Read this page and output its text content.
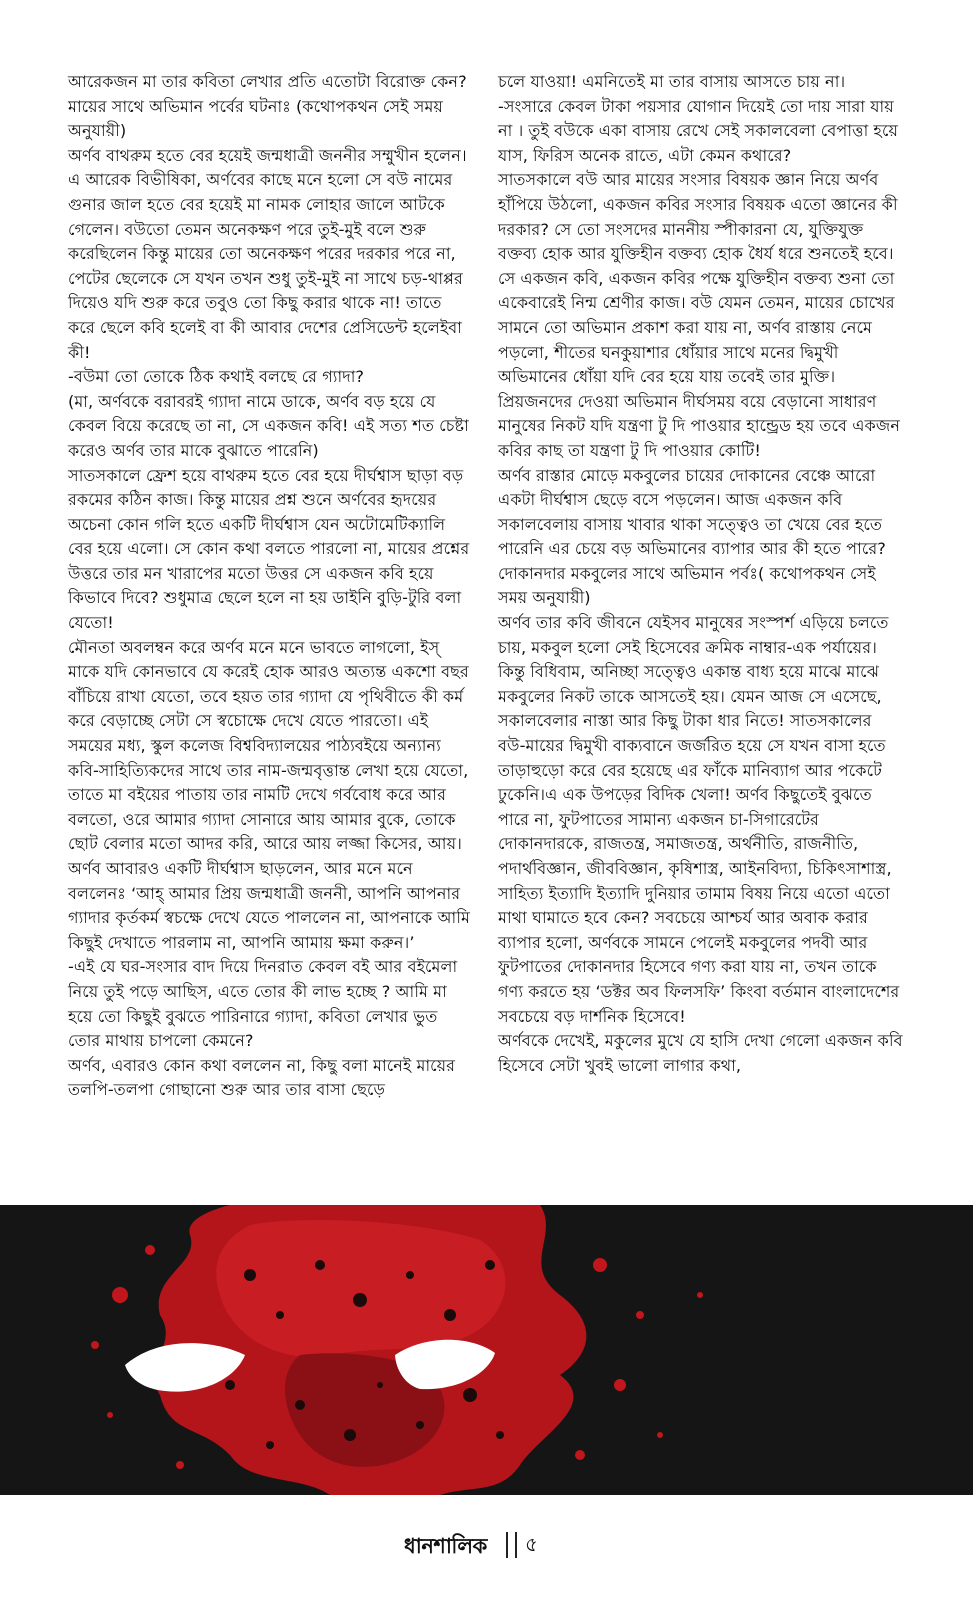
আরেকজন মা তার কবিতা লেখার প্রতি এতোটা বিরোক্ত কেন?

মায়ের সাথে অভিমান পর্বের ঘটনাঃ (কথোপকথন সেই সময় অনুযায়ী)

অর্ণব বাথরুম হতে বের হয়েই জন্মধাত্রী জননীর সম্মুখীন হলেন। এ আরেক বিভীষিকা, অর্ণবের কাছে মনে হলো সে বউ নামের গুনার জাল হতে বের হয়েই মা নামক লোহার জালে আটকে গেলেন। বউতো তেমন অনেকক্ষণ পরে তুই-মুই বলে শুরু করেছিলেন কিন্তু মায়ের তো অনেকক্ষণ পরের দরকার পরে না, পেটের ছেলেকে সে যখন তখন শুধু তুই-মুই না সাথে চড়-থাপ্পর দিয়েও যদি শুরু করে তবুও তো কিছু করার থাকে না! তাতে করে ছেলে কবি হলেই বা কী আবার দেশের প্রেসিডেন্ট হলেইবা কী!

-বউমা তো তোকে ঠিক কথাই বলছে রে গ্যাদা?

(মা, অর্ণবকে বরাবরই গ্যাদা নামে ডাকে, অর্ণব বড় হয়ে যে কেবল বিয়ে করেছে তা না, সে একজন কবি! এই সত্য শত চেষ্টা করেও অর্ণব তার মাকে বুঝাতে পারেনি)

সাতসকালে ফ্রেশ হয়ে বাথরুম হতে বের হয়ে দীর্ঘশ্বাস ছাড়া বড় রকমের কঠিন কাজ। কিন্তু মায়ের প্রশ্ন শুনে অর্ণবের হৃদয়ের অচেনা কোন গলি হতে একটি দীর্ঘশ্বাস যেন অটোমেটিক্যালি বের হয়ে এলো। সে কোন কথা বলতে পারলো না, মায়ের প্রশ্নের উত্তরে তার মন খারাপের মতো উত্তর সে একজন কবি হয়ে কিভাবে দিবে? শুধুমাত্র ছেলে হলে না হয় ডাইনি বুড়ি-টুরি বলা যেতো!

মৌনতা অবলম্বন করে অর্ণব মনে মনে ভাবতে লাগলো, ইস্ মাকে যদি কোনভাবে যে করেই হোক আরও অত্যন্ত একশো বছর বাঁচিয়ে রাখা যেতো, তবে হয়ত তার গ্যাদা যে পৃথিবীতে কী কর্ম করে বেড়াচ্ছে সেটা সে স্বচোক্ষে দেখে যেতে পারতো। এই সময়ের মধ্য, স্কুল কলেজ বিশ্ববিদ্যালয়ের পাঠ্যবইয়ে অন্যান্য কবি-সাহিত্যিকদের সাথে তার নাম-জন্মবৃত্তান্ত লেখা হয়ে যেতো, তাতে মা বইয়ের পাতায় তার নামটি দেখে গর্ববোধ করে আর বলতো, ওরে আমার গ্যাদা সোনারে আয় আমার বুকে, তোকে ছোট বেলার মতো আদর করি, আরে আয় লজ্জা কিসের, আয়। অর্ণব আবারও একটি দীর্ঘশ্বাস ছাড়লেন, আর মনে মনে বললেনঃ ‘আহ্ আমার প্রিয় জন্মধাত্রী জননী, আপনি আপনার গ্যাদার কৃর্তকর্ম স্বচক্ষে দেখে যেতে পাললেন না, আপনাকে আমি কিছুই দেখাতে পারলাম না, আপনি আমায় ক্ষমা করুন।’

-এই যে ঘর-সংসার বাদ দিয়ে দিনরাত কেবল বই আর বইমেলা নিয়ে তুই পড়ে আছিস, এতে তোর কী লাভ হচ্ছে ? আমি মা হয়ে তো কিছুই বুঝতে পারিনারে গ্যাদা, কবিতা লেখার ভুত তোর মাথায় চাপলো কেমনে?

অর্ণব, এবারও কোন কথা বললেন না, কিছু বলা মানেই মায়ের তলপি-তলপা গোছানো শুরু আর তার বাসা ছেড়ে

চলে যাওয়া! এমনিতেই মা তার বাসায় আসতে চায় না।

-সংসারে কেবল টাকা পয়সার যোগান দিয়েই তো দায় সারা যায় না । তুই বউকে একা বাসায় রেখে সেই সকালবেলা বেপাত্তা হয়ে যাস, ফিরিস অনেক রাতে, এটা কেমন কথারে?

সাতসকালে বউ আর মায়ের সংসার বিষয়ক জ্ঞান নিয়ে অর্ণব হাঁপিয়ে উঠলো, একজন কবির সংসার বিষয়ক এতো জ্ঞানের কী দরকার? সে তো সংসদের মাননীয় স্পীকারনা যে, যুক্তিযুক্ত বক্তব্য হোক আর যুক্তিহীন বক্তব্য হোক ধৈর্য ধরে শুনতেই হবে। সে একজন কবি, একজন কবির পক্ষে যুক্তিহীন বক্তব্য শুনা তো একেবারেই নিন্ম শ্রেণীর কাজ। বউ যেমন তেমন, মায়ের চোখের সামনে তো অভিমান প্রকাশ করা যায় না, অর্ণব রাস্তায় নেমে পড়লো, শীতের ঘনকুয়াশার ধোঁয়ার সাথে মনের দ্বিমুখী অভিমানের ধোঁয়া যদি বের হয়ে যায় তবেই তার মুক্তি। প্রিয়জনদের দেওয়া অভিমান দীর্ঘসময় বয়ে বেড়ানো সাধারণ মানুষের নিকট যদি যন্ত্রণা টু দি পাওয়ার হান্ড্রেড হয় তবে একজন কবির কাছ তা যন্ত্রণা টু দি পাওয়ার কোটি!

অর্ণব রাস্তার মোড়ে মকবুলের চায়ের দোকানের বেঞ্চে আরো একটা দীর্ঘশ্বাস ছেড়ে বসে পড়লেন। আজ একজন কবি সকালবেলায় বাসায় খাবার থাকা সত্ত্বেও তা খেয়ে বের হতে পারেনি এর চেয়ে বড় অভিমানের ব্যাপার আর কী হতে পারে?

দোকানদার মকবুলের সাথে অভিমান পর্বঃ( কথোপকথন সেই সময় অনুযায়ী)

অর্ণব তার কবি জীবনে যেইসব মানুষের সংস্পর্শ এড়িয়ে চলতে চায়, মকবুল হলো সেই হিসেবের ক্রমিক নাম্বার-এক পর্যায়ের। কিন্তু বিধিবাম, অনিচ্ছা সত্ত্বেও একান্ত বাধ্য হয়ে মাঝে মাঝে মকবুলের নিকট তাকে আসতেই হয়। যেমন আজ সে এসেছে, সকালবেলার নাস্তা আর কিছু টাকা ধার নিতে! সাতসকালের বউ-মায়ের দ্বিমুখী বাক্যবানে জর্জরিত হয়ে সে যখন বাসা হতে তাড়াহুড়ো করে বের হয়েছে এর ফাঁকে মানিব্যাগ আর পকেটে ঢুকেনি।এ এক উপড়ের বিদিক খেলা! অর্ণব কিছুতেই বুঝতে পারে না, ফুটপাতের সামান্য একজন চা-সিগারেটের দোকানদারকে, রাজতন্ত্র, সমাজতন্ত্র, অর্থনীতি, রাজনীতি, পদার্থবিজ্ঞান, জীববিজ্ঞান, কৃষিশাস্ত্র, আইনবিদ্যা, চিকিৎসাশাস্ত্র, সাহিত্য ইত্যাদি ইত্যাদি দুনিয়ার তামাম বিষয় নিয়ে এতো এতো মাথা ঘামাতে হবে কেন? সবচেয়ে আশ্চর্য আর অবাক করার ব্যাপার হলো, অর্ণবকে সামনে পেলেই মকবুলের পদবী আর ফুটপাতের দোকানদার হিসেবে গণ্য করা যায় না, তখন তাকে গণ্য করতে হয় ‘ডক্টর অব ফিলসফি’ কিংবা বর্তমান বাংলাদেশের সবচেয়ে বড় দার্শনিক হিসেবে!

অর্ণবকে দেখেই, মকুলের মুখে যে হাসি দেখা গেলো একজন কবি হিসেবে সেটা খুবই ভালো লাগার কথা,

ধানশালিক ৫
